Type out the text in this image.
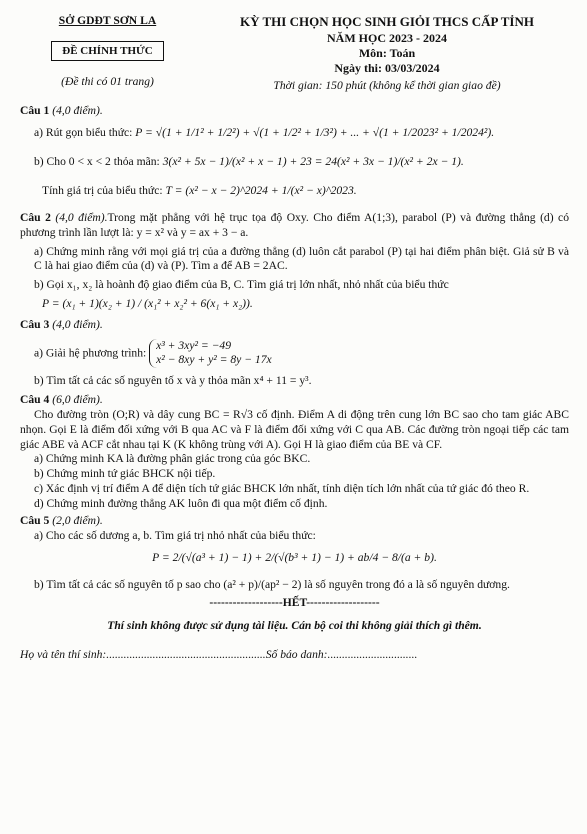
SỞ GDĐT SƠN LA
ĐỀ CHÍNH THỨC
(Đề thi có 01 trang)
KỲ THI CHỌN HỌC SINH GIỎI THCS CẤP TỈNH
NĂM HỌC 2023 - 2024
Môn: Toán
Ngày thi: 03/03/2024
Thời gian: 150 phút (không kể thời gian giao đề)

Câu 1 (4,0 điểm).

a) Rút gọn biểu thức: P = √(1 + 1/1² + 1/2²) + √(1 + 1/2² + 1/3²) + ... + √(1 + 1/2023² + 1/2024²).

b) Cho 0 < x < 2 thỏa mãn: 3(x² + 5x − 1)/(x² + x − 1) + 23 = 24(x² + 3x − 1)/(x² + 2x − 1).

Tính giá trị của biểu thức: T = (x² − x − 2)^2024 + 1/(x² − x)^2023.

Câu 2 (4,0 điểm).Trong mặt phẳng với hệ trục tọa độ Oxy. Cho điểm A(1;3), parabol (P) và đường thẳng (d) có phương trình lần lượt là: y = x² và y = ax + 3 − a.

a) Chứng minh rằng với mọi giá trị của a đường thẳng (d) luôn cắt parabol (P) tại hai điểm phân biệt. Giả sử B và C là hai giao điểm của (d) và (P). Tìm a để AB = 2AC.

b) Gọi x₁, x₂ là hoành độ giao điểm của B, C. Tìm giá trị lớn nhất, nhỏ nhất của biểu thức

P = (x₁ + 1)(x₂ + 1) / (x₁² + x₂² + 6(x₁ + x₂)).

Câu 3 (4,0 điểm).

a) Giải hệ phương trình:
x³ + 3xy² = −49
x² − 8xy + y² = 8y − 17x

b) Tìm tất cả các số nguyên tố x và y thỏa mãn x⁴ + 11 = y³.

Câu 4 (6,0 điểm).

Cho đường tròn (O;R) và dây cung BC = R√3 cố định. Điểm A di động trên cung lớn BC sao cho tam giác ABC nhọn. Gọi E là điểm đối xứng với B qua AC và F là điểm đối xứng với C qua AB. Các đường tròn ngoại tiếp các tam giác ABE và ACF cắt nhau tại K (K không trùng với A). Gọi H là giao điểm của BE và CF.

a) Chứng minh KA là đường phân giác trong của góc BKC.

b) Chứng minh tứ giác BHCK nội tiếp.

c) Xác định vị trí điểm A để diện tích tứ giác BHCK lớn nhất, tính diện tích lớn nhất của tứ giác đó theo R.

d) Chứng minh đường thẳng AK luôn đi qua một điểm cố định.

Câu 5 (2,0 điểm).

a) Cho các số dương a, b. Tìm giá trị nhỏ nhất của biểu thức:

P = 2/(√(a³ + 1) − 1) + 2/(√(b³ + 1) − 1) + ab/4 − 8/(a + b).

b) Tìm tất cả các số nguyên tố p sao cho (a² + p)/(ap² − 2) là số nguyên trong đó a là số nguyên dương.

-------------------HẾT-------------------
Thí sinh không được sử dụng tài liệu. Cán bộ coi thi không giải thích gì thêm.
Họ và tên thí sinh:.......................................................Số báo danh:...............................
